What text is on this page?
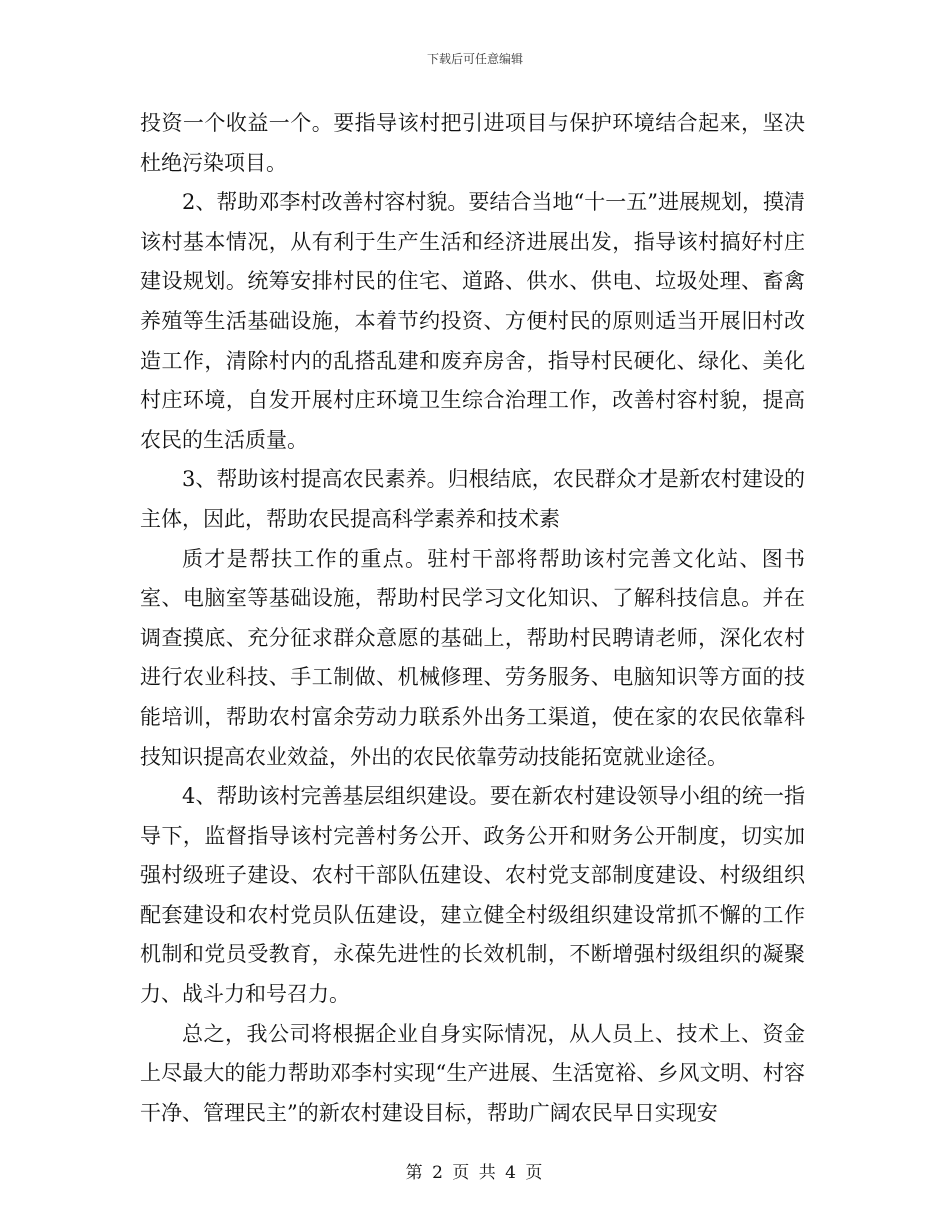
下载后可任意编辑

投资一个收益一个。要指导该村把引进项目与保护环境结合起来，坚决杜绝污染项目。

2、帮助邓李村改善村容村貌。要结合当地“十一五”进展规划，摸清该村基本情况，从有利于生产生活和经济进展出发，指导该村搞好村庄建设规划。统筹安排村民的住宅、道路、供水、供电、垃圾处理、畜禽养殖等生活基础设施，本着节约投资、方便村民的原则适当开展旧村改造工作，清除村内的乱搭乱建和废弃房舍，指导村民硬化、绿化、美化村庄环境，自发开展村庄环境卫生综合治理工作，改善村容村貌，提高农民的生活质量。

3、帮助该村提高农民素养。归根结底，农民群众才是新农村建设的主体，因此，帮助农民提高科学素养和技术素

质才是帮扶工作的重点。驻村干部将帮助该村完善文化站、图书室、电脑室等基础设施，帮助村民学习文化知识、了解科技信息。并在调查摸底、充分征求群众意愿的基础上，帮助村民聘请老师，深化农村进行农业科技、手工制做、机械修理、劳务服务、电脑知识等方面的技能培训，帮助农村富余劳动力联系外出务工渠道，使在家的农民依靠科技知识提高农业效益，外出的农民依靠劳动技能拓宽就业途径。

4、帮助该村完善基层组织建设。要在新农村建设领导小组的统一指导下，监督指导该村完善村务公开、政务公开和财务公开制度，切实加强村级班子建设、农村干部队伍建设、农村党支部制度建设、村级组织配套建设和农村党员队伍建设，建立健全村级组织建设常抓不懈的工作机制和党员受教育，永葆先进性的长效机制，不断增强村级组织的凝聚力、战斗力和号召力。

总之，我公司将根据企业自身实际情况，从人员上、技术上、资金上尽最大的能力帮助邓李村实现“生产进展、生活宽裕、乡风文明、村容干净、管理民主”的新农村建设目标，帮助广阔农民早日实现安

第 2 页 共 4 页
